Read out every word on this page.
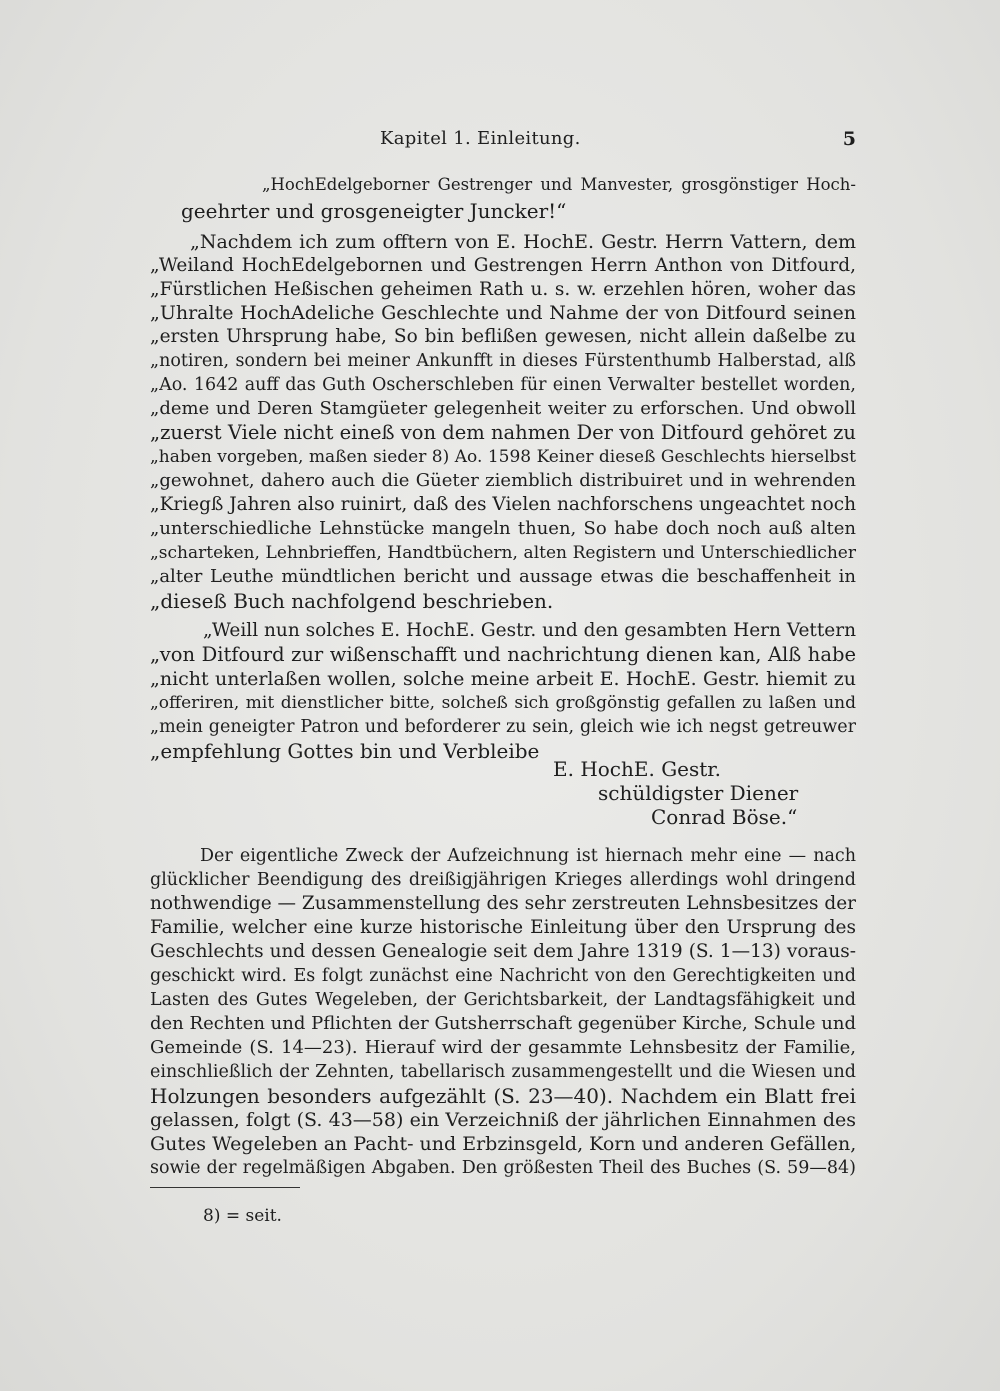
Kapitel 1. Einleitung.	5
„HochEdelgeborner Gestrenger und Manvester, grosgönstiger Hoch-
geehrter und grosgeneigter Juncker!“
„Nachdem ich zum offtern von E. HochE. Gestr. Herrn Vattern, dem
„Weiland HochEdelgebornen und Gestrengen Herrn Anthon von Ditfourd,
„Fürstlichen Heßischen geheimen Rath u. s. w. erzehlen hören, woher das
„Uhralte HochAdeliche Geschlechte und Nahme der von Ditfourd seinen
„ersten Uhrsprung habe, So bin beflißen gewesen, nicht allein daßelbe zu
„notiren, sondern bei meiner Ankunfft in dieses Fürstenthumb Halberstad, alß
„Ao. 1642 auff das Guth Oscherschleben für einen Verwalter bestellet worden,
„deme und Deren Stamgüeter gelegenheit weiter zu erforschen. Und obwoll
„zuerst Viele nicht eineß von dem nahmen Der von Ditfourd gehöret zu
„haben vorgeben, maßen sieder 8) Ao. 1598 Keiner dieseß Geschlechts hierselbst
„gewohnet, dahero auch die Güeter ziemblich distribuiret und in wehrenden
„Kriegß Jahren also ruinirt, daß des Vielen nachforschens ungeachtet noch
„unterschiedliche Lehnstücke mangeln thuen, So habe doch noch auß alten
„scharteken, Lehnbrieffen, Handtbüchern, alten Registern und Unterschiedlicher
„alter Leuthe mündtlichen bericht und aussage etwas die beschaffenheit in
„dieseß Buch nachfolgend beschrieben.
„Weill nun solches E. HochE. Gestr. und den gesambten Hern Vettern
„von Ditfourd zur wißenschafft und nachrichtung dienen kan, Alß habe
„nicht unterlaßen wollen, solche meine arbeit E. HochE. Gestr. hiemit zu
„offeriren, mit dienstlicher bitte, solcheß sich großgönstig gefallen zu laßen und
„mein geneigter Patron und beforderer zu sein, gleich wie ich negst getreuwer
„empfehlung Gottes bin und Verbleibe
E. HochE. Gestr.
schüldigster Diener
Conrad Böse.“
Der eigentliche Zweck der Aufzeichnung ist hiernach mehr eine — nach
glücklicher Beendigung des dreißigjährigen Krieges allerdings wohl dringend
nothwendige — Zusammenstellung des sehr zerstreuten Lehnsbesitzes der
Familie, welcher eine kurze historische Einleitung über den Ursprung des
Geschlechts und dessen Genealogie seit dem Jahre 1319 (S. 1—13) voraus-
geschickt wird. Es folgt zunächst eine Nachricht von den Gerechtigkeiten und
Lasten des Gutes Wegeleben, der Gerichtsbarkeit, der Landtagsfähigkeit und
den Rechten und Pflichten der Gutsherrschaft gegenüber Kirche, Schule und
Gemeinde (S. 14—23). Hierauf wird der gesammte Lehnsbesitz der Familie,
einschließlich der Zehnten, tabellarisch zusammengestellt und die Wiesen und
Holzungen besonders aufgezählt (S. 23—40). Nachdem ein Blatt frei
gelassen, folgt (S. 43—58) ein Verzeichniß der jährlichen Einnahmen des
Gutes Wegeleben an Pacht- und Erbzinsgeld, Korn und anderen Gefällen,
sowie der regelmäßigen Abgaben. Den größesten Theil des Buches (S. 59—84)
8) = seit.
